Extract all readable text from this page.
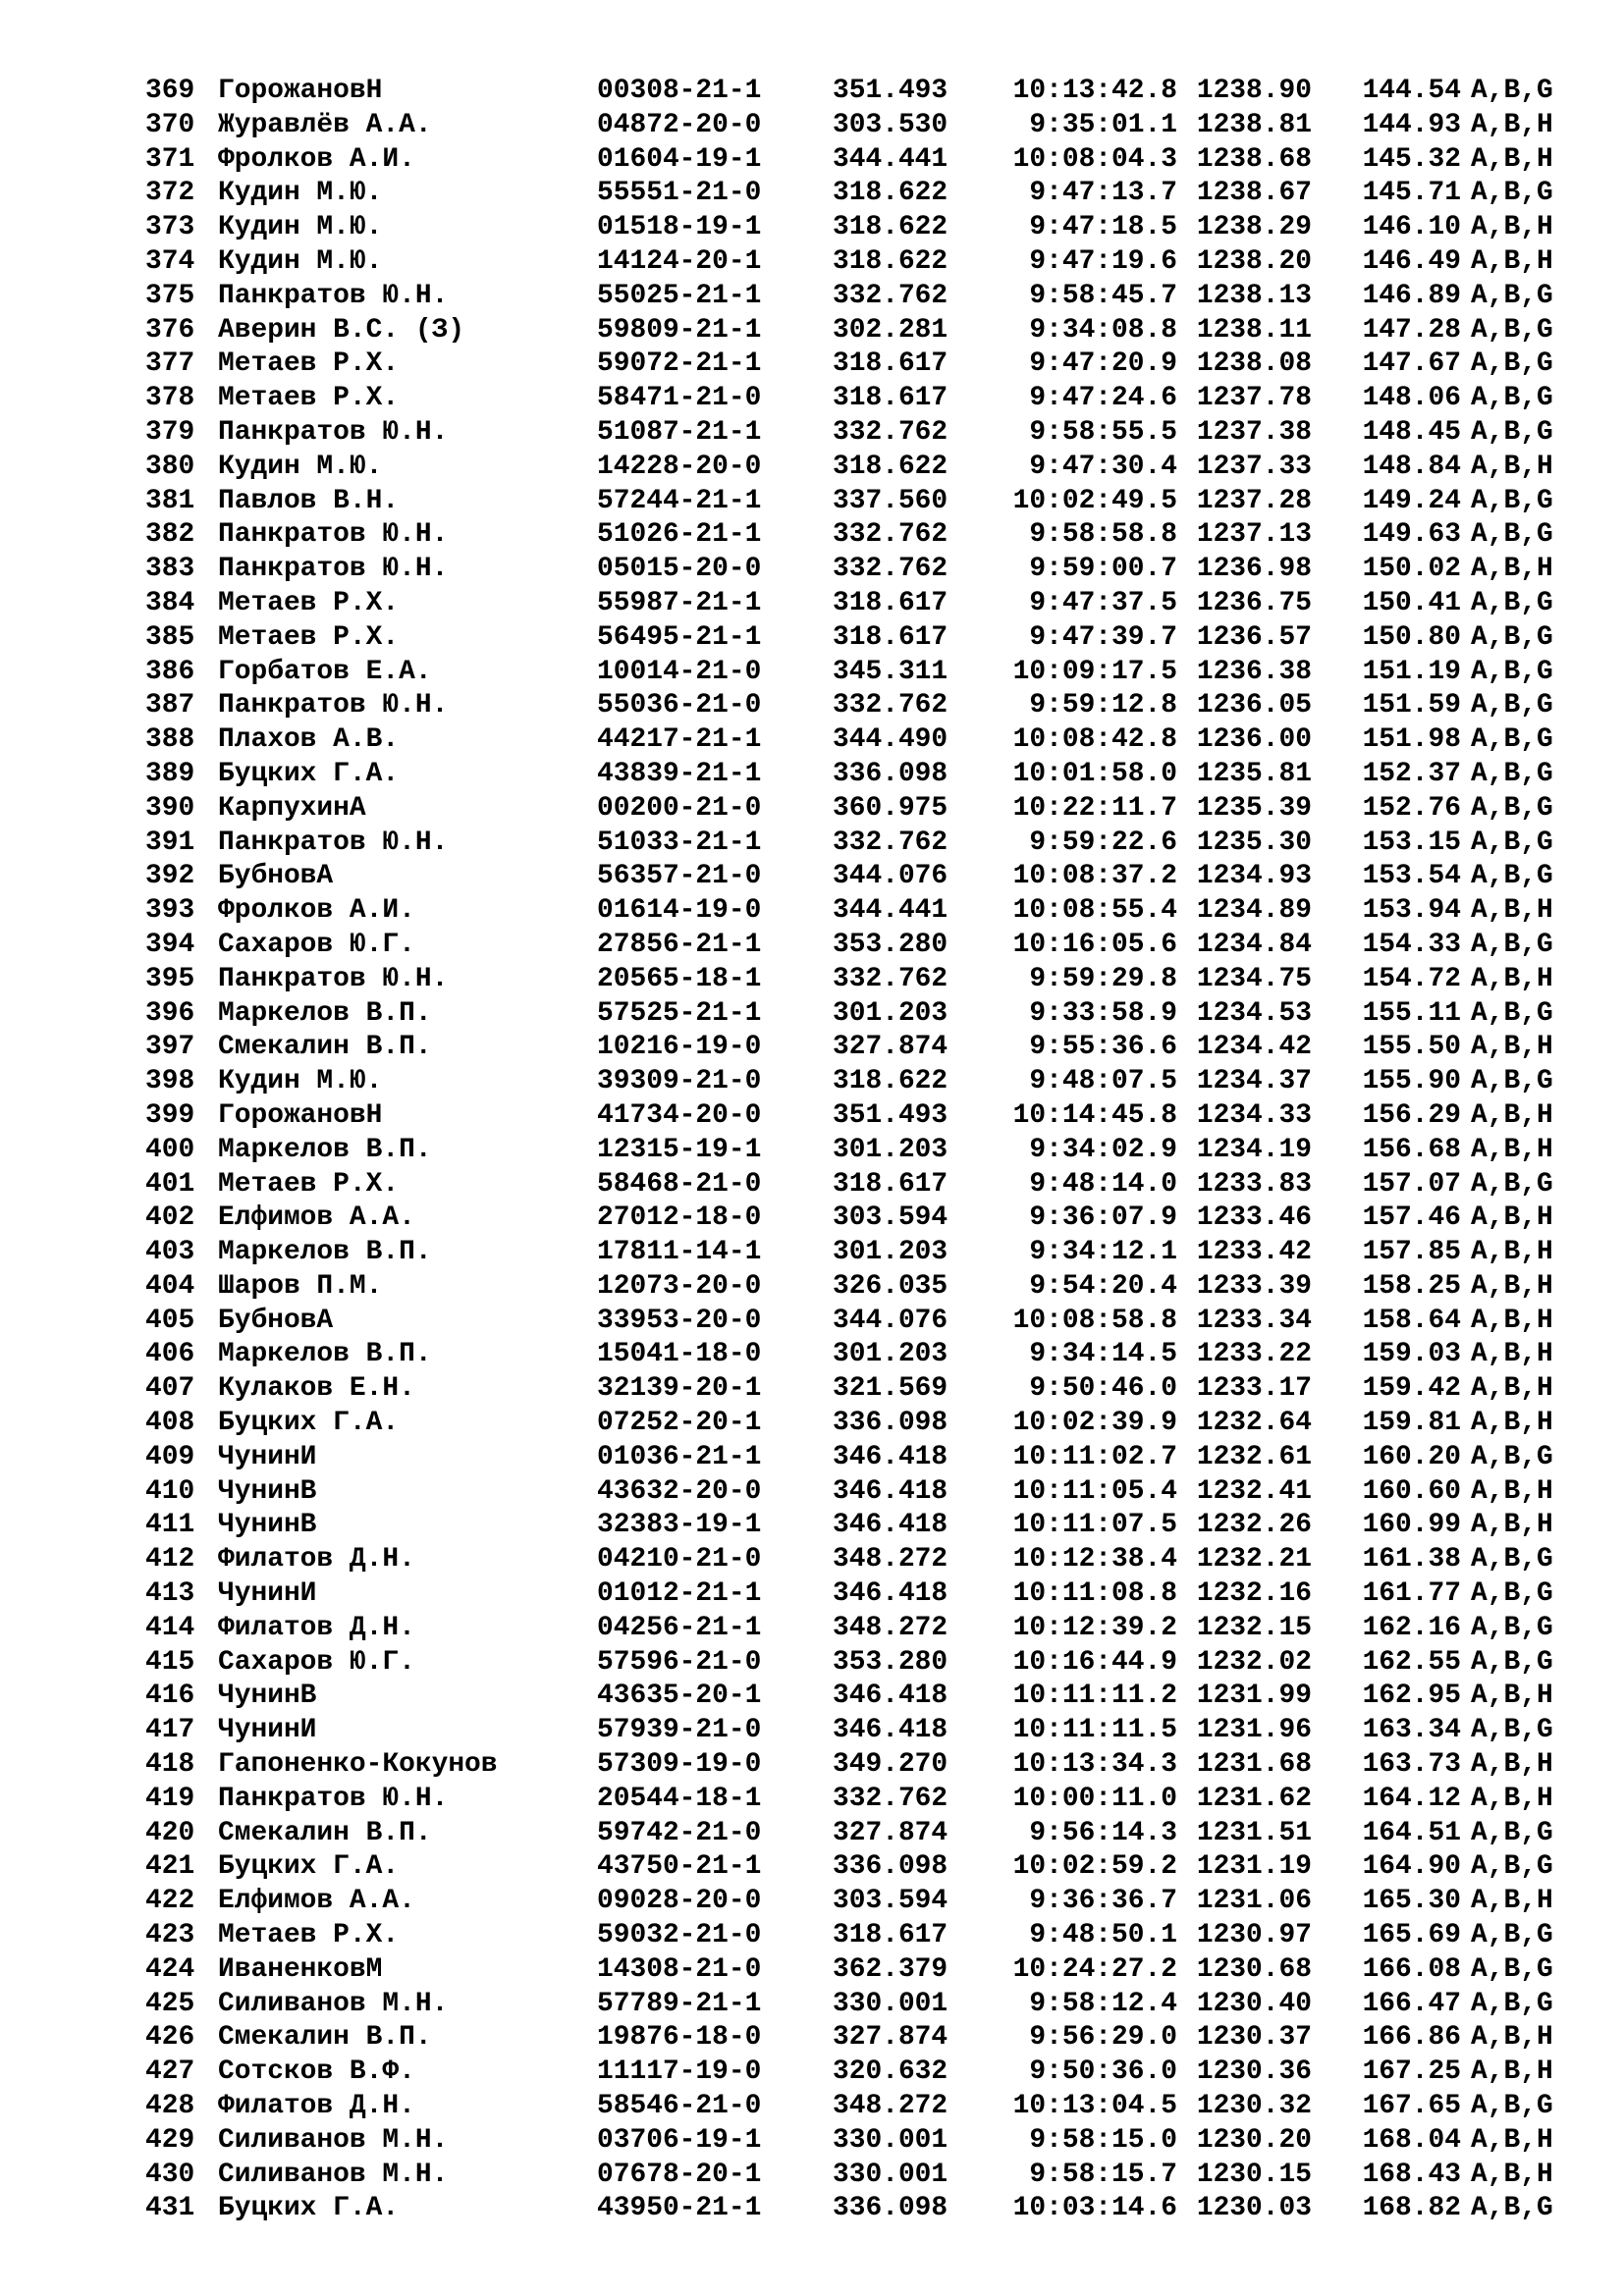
369 ГорожановН	00308-21-1	351.493 10:13:42.8 1238.90 144.54 A,B,G
370 Журавлёв А.А.	04872-20-0	303.530	9:35:01.1 1238.81 144.93 A,B,H
371 Фролков А.И.	01604-19-1	344.441 10:08:04.3 1238.68 145.32 A,B,H
372 Кудин М.Ю.	55551-21-0	318.622	9:47:13.7 1238.67 145.71 A,B,G
373 Кудин М.Ю.	01518-19-1	318.622	9:47:18.5 1238.29 146.10 A,B,H
374 Кудин М.Ю.	14124-20-1	318.622	9:47:19.6 1238.20 146.49 A,B,H
375 Панкратов Ю.Н.	55025-21-1	332.762	9:58:45.7 1238.13 146.89 A,B,G
376 Аверин В.С. (З)	59809-21-1	302.281	9:34:08.8 1238.11 147.28 A,B,G
377 Метаев Р.Х.	59072-21-1	318.617	9:47:20.9 1238.08 147.67 A,B,G
378 Метаев Р.Х.	58471-21-0	318.617	9:47:24.6 1237.78 148.06 A,B,G
379 Панкратов Ю.Н.	51087-21-1	332.762	9:58:55.5 1237.38 148.45 A,B,G
380 Кудин М.Ю.	14228-20-0	318.622	9:47:30.4 1237.33 148.84 A,B,H
381 Павлов В.Н.	57244-21-1	337.560 10:02:49.5 1237.28 149.24 A,B,G
382 Панкратов Ю.Н.	51026-21-1	332.762	9:58:58.8 1237.13 149.63 A,B,G
383 Панкратов Ю.Н.	05015-20-0	332.762	9:59:00.7 1236.98 150.02 A,B,H
384 Метаев Р.Х.	55987-21-1	318.617	9:47:37.5 1236.75 150.41 A,B,G
385 Метаев Р.Х.	56495-21-1	318.617	9:47:39.7 1236.57 150.80 A,B,G
386 Горбатов Е.А.	10014-21-0	345.311 10:09:17.5 1236.38 151.19 A,B,G
387 Панкратов Ю.Н.	55036-21-0	332.762	9:59:12.8 1236.05 151.59 A,B,G
388 Плахов А.В.	44217-21-1	344.490 10:08:42.8 1236.00 151.98 A,B,G
389 Буцких Г.А.	43839-21-1	336.098 10:01:58.0 1235.81 152.37 A,B,G
390 КарпухинА	00200-21-0	360.975 10:22:11.7 1235.39 152.76 A,B,G
391 Панкратов Ю.Н.	51033-21-1	332.762	9:59:22.6 1235.30 153.15 A,B,G
392 БубновА	56357-21-0	344.076 10:08:37.2 1234.93 153.54 A,B,G
393 Фролков А.И.	01614-19-0	344.441 10:08:55.4 1234.89 153.94 A,B,H
394 Сахаров Ю.Г.	27856-21-1	353.280 10:16:05.6 1234.84 154.33 A,B,G
395 Панкратов Ю.Н.	20565-18-1	332.762	9:59:29.8 1234.75 154.72 A,B,H
396 Маркелов В.П.	57525-21-1	301.203	9:33:58.9 1234.53 155.11 A,B,G
397 Смекалин В.П.	10216-19-0	327.874	9:55:36.6 1234.42 155.50 A,B,H
398 Кудин М.Ю.	39309-21-0	318.622	9:48:07.5 1234.37 155.90 A,B,G
399 ГорожановН	41734-20-0	351.493 10:14:45.8 1234.33 156.29 A,B,H
400 Маркелов В.П.	12315-19-1	301.203	9:34:02.9 1234.19 156.68 A,B,H
401 Метаев Р.Х.	58468-21-0	318.617	9:48:14.0 1233.83 157.07 A,B,G
402 Елфимов А.А.	27012-18-0	303.594	9:36:07.9 1233.46 157.46 A,B,H
403 Маркелов В.П.	17811-14-1	301.203	9:34:12.1 1233.42 157.85 A,B,H
404 Шаров П.М.	12073-20-0	326.035	9:54:20.4 1233.39 158.25 A,B,H
405 БубновА	33953-20-0	344.076 10:08:58.8 1233.34 158.64 A,B,H
406 Маркелов В.П.	15041-18-0	301.203	9:34:14.5 1233.22 159.03 A,B,H
407 Кулаков Е.Н.	32139-20-1	321.569	9:50:46.0 1233.17 159.42 A,B,H
408 Буцких Г.А.	07252-20-1	336.098 10:02:39.9 1232.64 159.81 A,B,H
409 ЧунинИ	01036-21-1	346.418 10:11:02.7 1232.61 160.20 A,B,G
410 ЧунинВ	43632-20-0	346.418 10:11:05.4 1232.41 160.60 A,B,H
411 ЧунинВ	32383-19-1	346.418 10:11:07.5 1232.26 160.99 A,B,H
412 Филатов Д.Н.	04210-21-0	348.272 10:12:38.4 1232.21 161.38 A,B,G
413 ЧунинИ	01012-21-1	346.418 10:11:08.8 1232.16 161.77 A,B,G
414 Филатов Д.Н.	04256-21-1	348.272 10:12:39.2 1232.15 162.16 A,B,G
415 Сахаров Ю.Г.	57596-21-0	353.280 10:16:44.9 1232.02 162.55 A,B,G
416 ЧунинВ	43635-20-1	346.418 10:11:11.2 1231.99 162.95 A,B,H
417 ЧунинИ	57939-21-0	346.418 10:11:11.5 1231.96 163.34 A,B,G
418 Гапоненко-Кокунов	57309-19-0	349.270 10:13:34.3 1231.68 163.73 A,B,H
419 Панкратов Ю.Н.	20544-18-1	332.762 10:00:11.0 1231.62 164.12 A,B,H
420 Смекалин В.П.	59742-21-0	327.874	9:56:14.3 1231.51 164.51 A,B,G
421 Буцких Г.А.	43750-21-1	336.098 10:02:59.2 1231.19 164.90 A,B,G
422 Елфимов А.А.	09028-20-0	303.594	9:36:36.7 1231.06 165.30 A,B,H
423 Метаев Р.Х.	59032-21-0	318.617	9:48:50.1 1230.97 165.69 A,B,G
424 ИваненковМ	14308-21-0	362.379 10:24:27.2 1230.68 166.08 A,B,G
425 Силиванов М.Н.	57789-21-1	330.001	9:58:12.4 1230.40 166.47 A,B,G
426 Смекалин В.П.	19876-18-0	327.874	9:56:29.0 1230.37 166.86 A,B,H
427 Сотсков В.Ф.	11117-19-0	320.632	9:50:36.0 1230.36 167.25 A,B,H
428 Филатов Д.Н.	58546-21-0	348.272 10:13:04.5 1230.32 167.65 A,B,G
429 Силиванов М.Н.	03706-19-1	330.001	9:58:15.0 1230.20 168.04 A,B,H
430 Силиванов М.Н.	07678-20-1	330.001	9:58:15.7 1230.15 168.43 A,B,H
431 Буцких Г.А.	43950-21-1	336.098 10:03:14.6 1230.03 168.82 A,B,G
